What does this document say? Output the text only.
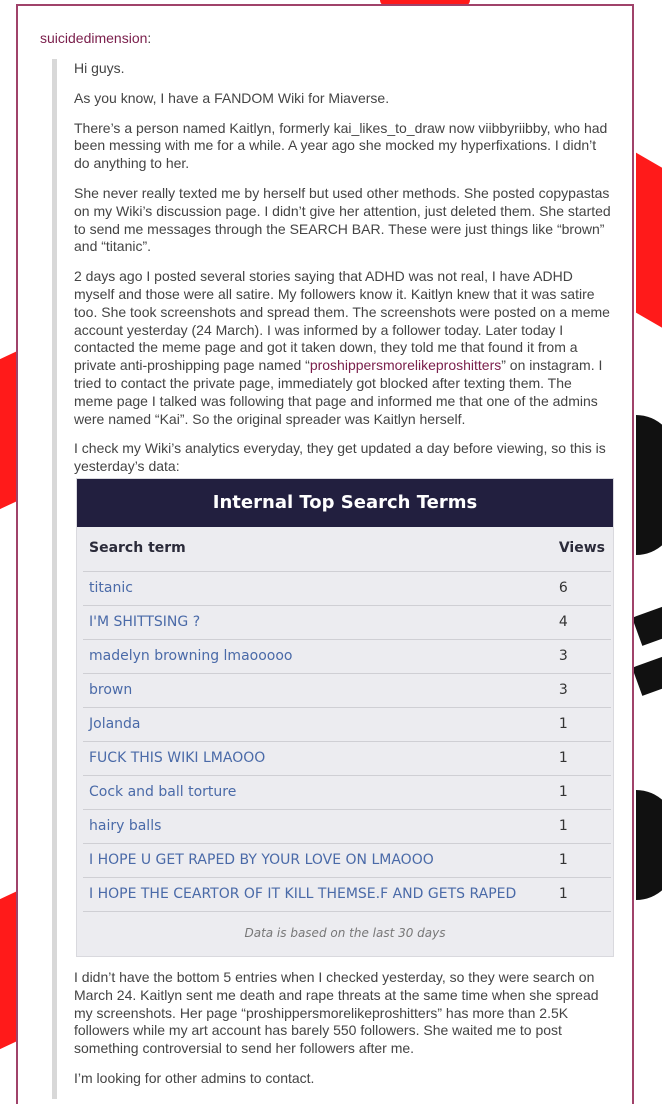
suicidedimension:

Hi guys.

As you know, I have a FANDOM Wiki for Miaverse.

There’s a person named Kaitlyn, formerly kai_likes_to_draw now viibbyriibby, who had been messing with me for a while. A year ago she mocked my hyperfixations. I didn’t do anything to her.

She never really texted me by herself but used other methods. She posted copypastas on my Wiki’s discussion page. I didn’t give her attention, just deleted them. She started to send me messages through the SEARCH BAR. These were just things like “brown” and “titanic”.

2 days ago I posted several stories saying that ADHD was not real, I have ADHD myself and those were all satire. My followers know it. Kaitlyn knew that it was satire too. She took screenshots and spread them. The screenshots were posted on a meme account yesterday (24 March). I was informed by a follower today. Later today I contacted the meme page and got it taken down, they told me that found it from a private anti-proshipping page named “proshippersmorelikeproshitters” on instagram. I tried to contact the private page, immediately got blocked after texting them. The meme page I talked was following that page and informed me that one of the admins were named “Kai”. So the original spreader was Kaitlyn herself.

I check my Wiki’s analytics everyday, they get updated a day before viewing, so this is yesterday’s data:

Internal Top Search Terms
Search term	Views
titanic	6
I'M SHITTSING ?	4
madelyn browning lmaooooo	3
brown	3
Jolanda	1
FUCK THIS WIKI LMAOOO	1
Cock and ball torture	1
hairy balls	1
I HOPE U GET RAPED BY YOUR LOVE ON LMAOOO	1
I HOPE THE CEARTOR OF IT KILL THEMSE.F AND GETS RAPED	1
Data is based on the last 30 days

I didn’t have the bottom 5 entries when I checked yesterday, so they were search on March 24. Kaitlyn sent me death and rape threats at the same time when she spread my screenshots. Her page “proshippersmorelikeproshitters” has more than 2.5K followers while my art account has barely 550 followers. She waited me to post something controversial to send her followers after me.

I’m looking for other admins to contact.
